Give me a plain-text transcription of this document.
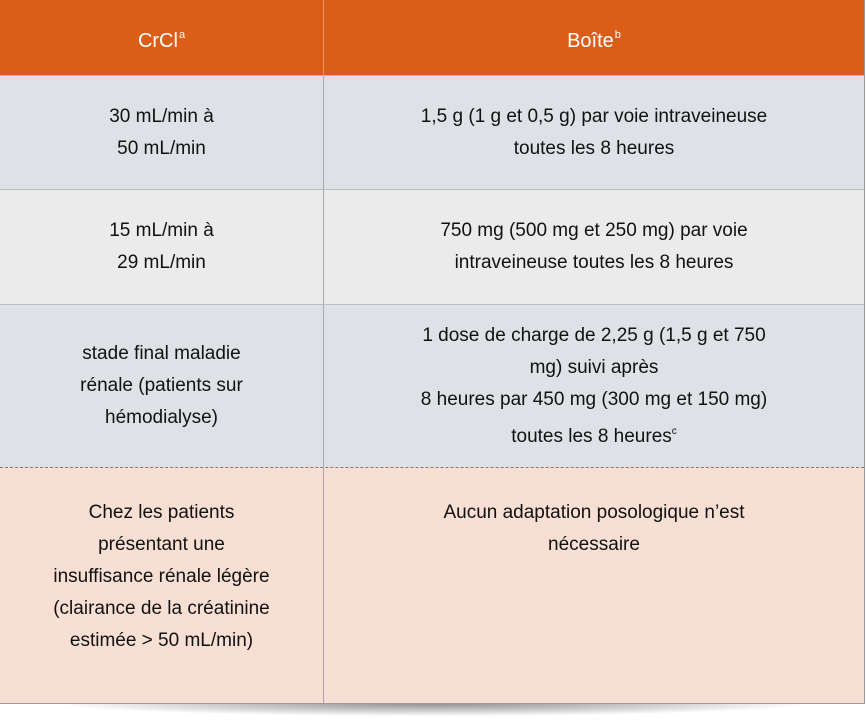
CrCl$^a$	Boîte$^b$
30 mL/min à
50 mL/min
1,5 g (1 g et 0,5 g) par voie intraveineuse
toutes les 8 heures
15 mL/min à
29 mL/min
750 mg (500 mg et 250 mg) par voie
intraveineuse toutes les 8 heures
stade final maladie
rénale (patients sur
hémodialyse)
1 dose de charge de 2,25 g (1,5 g et 750
mg) suivi après
8 heures par 450 mg (300 mg et 150 mg)
toutes les 8 heures$^c$
Chez les patients
présentant une
insuffisance rénale légère
(clairance de la créatinine
estimée > 50 mL/min)
Aucun adaptation posologique n’est
nécessaire
